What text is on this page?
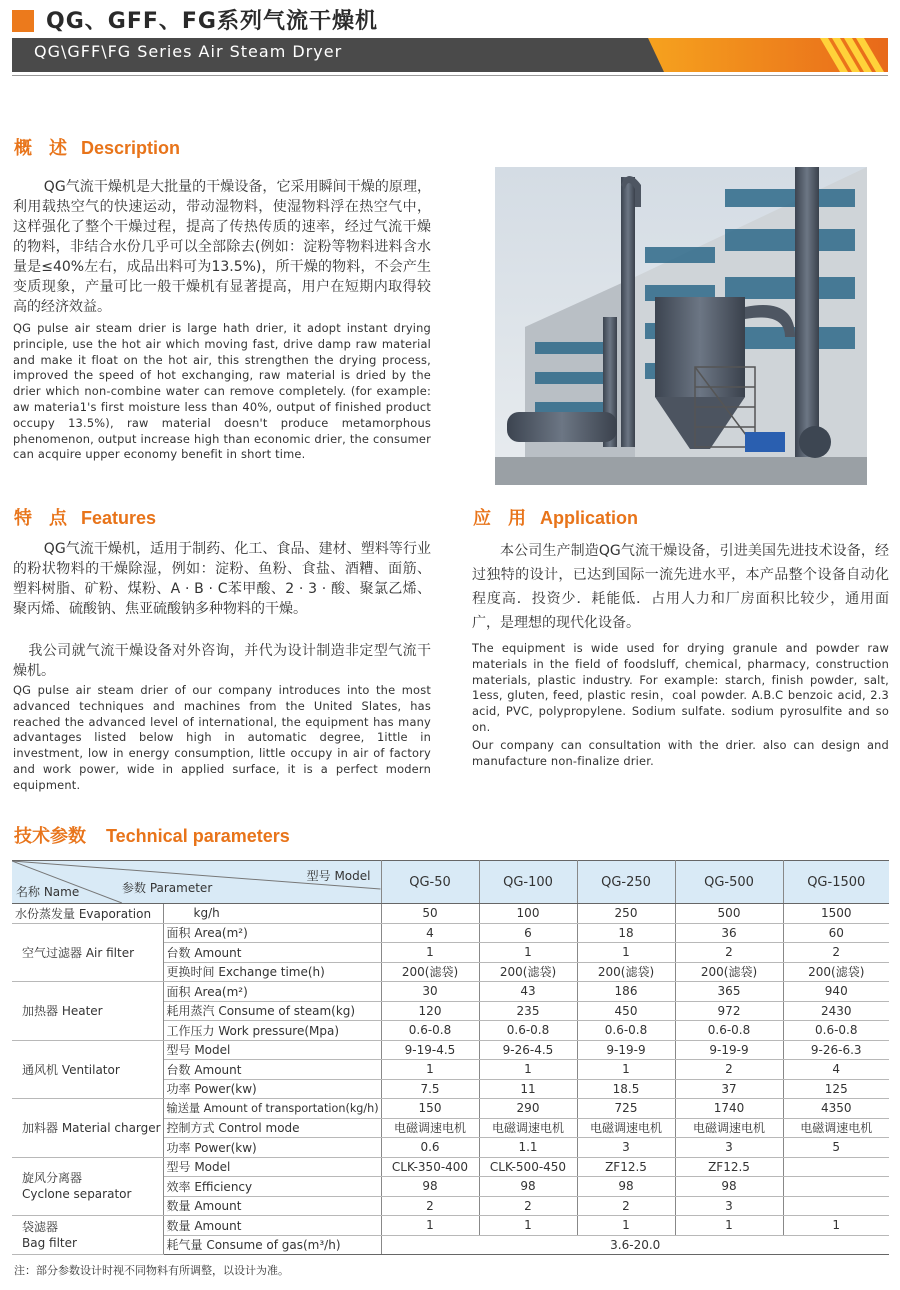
QG、GFF、FG系列气流干燥机
QG\GFF\FG Series Air Steam Dryer
概 述 Description
QG气流干燥机是大批量的干燥设备，它采用瞬间干燥的原理，利用载热空气的快速运动，带动湿物料，使湿物料浮在热空气中，这样强化了整个干燥过程，提高了传热传质的速率，经过气流干燥的物料，非结合水份几乎可以全部除去(例如：淀粉等物料进料含水量是≤40%左右，成品出料可为13.5%)，所干燥的物料，不会产生变质现象，产量可比一般干燥机有显著提高，用户在短期内取得较高的经济效益。
QG pulse air steam drier is large hath drier, it adopt instant drying principle, use the hot air which moving fast, drive damp raw material and make it float on the hot air, this strengthen the drying process, improved the speed of hot exchanging, raw material is dried by the drier which non-combine water can remove completely. (for example: aw materia1's first moisture less than 40%, output of finished product occupy 13.5%), raw material doesn't produce metamorphous phenomenon, output increase high than economic drier, the consumer can acquire upper economy benefit in short time.
特 点 Features
QG气流干燥机，适用于制药、化工、食品、建材、塑料等行业的粉状物料的干燥除湿，例如：淀粉、鱼粉、食盐、酒糟、面筋、塑料树脂、矿粉、煤粉、A · B · C苯甲酸、2 · 3 · 酸、聚氯乙烯、聚丙烯、硫酸钠、焦亚硫酸钠多种物料的干燥。
我公司就气流干燥设备对外咨询，并代为设计制造非定型气流干燥机。
QG pulse air steam drier of our company introduces into the most advanced techniques and machines from the United Slates, has reached the advanced level of international, the equipment has many advantages listed below high in automatic degree, 1ittle in investment, low in energy consumption, little occupy in air of factory and work power, wide in applied surface, it is a perfect modern equipment.
应 用 Application
本公司生产制造QG气流干燥设备，引进美国先进技术设备，经过独特的设计，已达到国际一流先进水平，本产品整个设备自动化程度高．投资少．耗能低．占用人力和厂房面积比较少，通用面广，是理想的现代化设备。
The equipment is wide used for drying granule and powder raw materials in the field of foodsluff, chemical, pharmacy, construction materials, plastic industry. For example: starch, finish powder, salt, 1ess, gluten, feed, plastic resin，coal powder. A.B.C benzoic acid, 2.3 acid, PVC, polypropylene. Sodium sulfate. sodium pyrosulfite and so on.
Our company can consultation with the drier. also can design and manufacture non-finalize drier.
技术参数 Technical parameters
型号 Model
参数 Parameter
名称 Name		QG-50	QG-100	QG-250	QG-500	QG-1500
水份蒸发量 Evaporation	kg/h	50	100	250	500	1500
空气过滤器 Air filter	面积 Area(m²)	4	6	18	36	60
	台数 Amount	1	1	1	2	2
	更换时间 Exchange time(h)	200(滤袋)	200(滤袋)	200(滤袋)	200(滤袋)	200(滤袋)
加热器 Heater	面积 Area(m²)	30	43	186	365	940
	耗用蒸汽 Consume of steam(kg)	120	235	450	972	2430
	工作压力 Work pressure(Mpa)	0.6-0.8	0.6-0.8	0.6-0.8	0.6-0.8	0.6-0.8
通风机 Ventilator	型号 Model	9-19-4.5	9-26-4.5	9-19-9	9-19-9	9-26-6.3
	台数 Amount	1	1	1	2	4
	功率 Power(kw)	7.5	11	18.5	37	125
加料器 Material charger	输送量 Amount of transportation(kg/h)	150	290	725	1740	4350
	控制方式 Control mode	电磁调速电机	电磁调速电机	电磁调速电机	电磁调速电机	电磁调速电机
	功率 Power(kw)	0.6	1.1	3	3	5

旋风分离器
Cyclone separator	型号 Model	CLK-350-400	CLK-500-450	ZF12.5	ZF12.5	
	效率 Efficiency	98	98	98	98	
	数量 Amount	2	2	2	3	

袋滤器
Bag filter	数量 Amount	1	1	1	1	1
	耗气量 Consume of gas(m³/h)	3.6-20.0				
注：部分参数设计时视不同物料有所调整，以设计为准。
